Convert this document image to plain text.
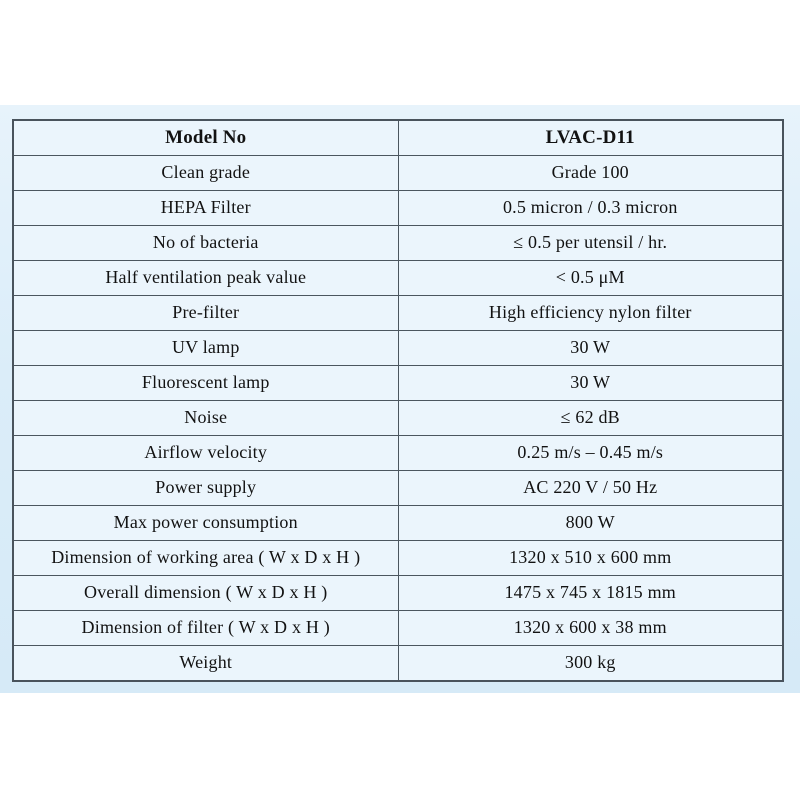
Model No	LVAC-D11
Clean grade	Grade 100
HEPA Filter	0.5 micron / 0.3 micron
No of bacteria	≤ 0.5 per utensil / hr.
Half ventilation peak value	< 0.5 μM
Pre-filter	High efficiency nylon filter
UV lamp	30 W
Fluorescent lamp	30 W
Noise	≤ 62 dB
Airflow velocity	0.25 m/s – 0.45 m/s
Power supply	AC 220 V / 50 Hz
Max power consumption	800 W
Dimension of working area ( W x D x H )	1320 x 510 x 600 mm
Overall dimension ( W x D x H )	1475 x 745 x 1815 mm
Dimension of filter ( W x D x H )	1320 x 600 x 38 mm
Weight	300 kg
